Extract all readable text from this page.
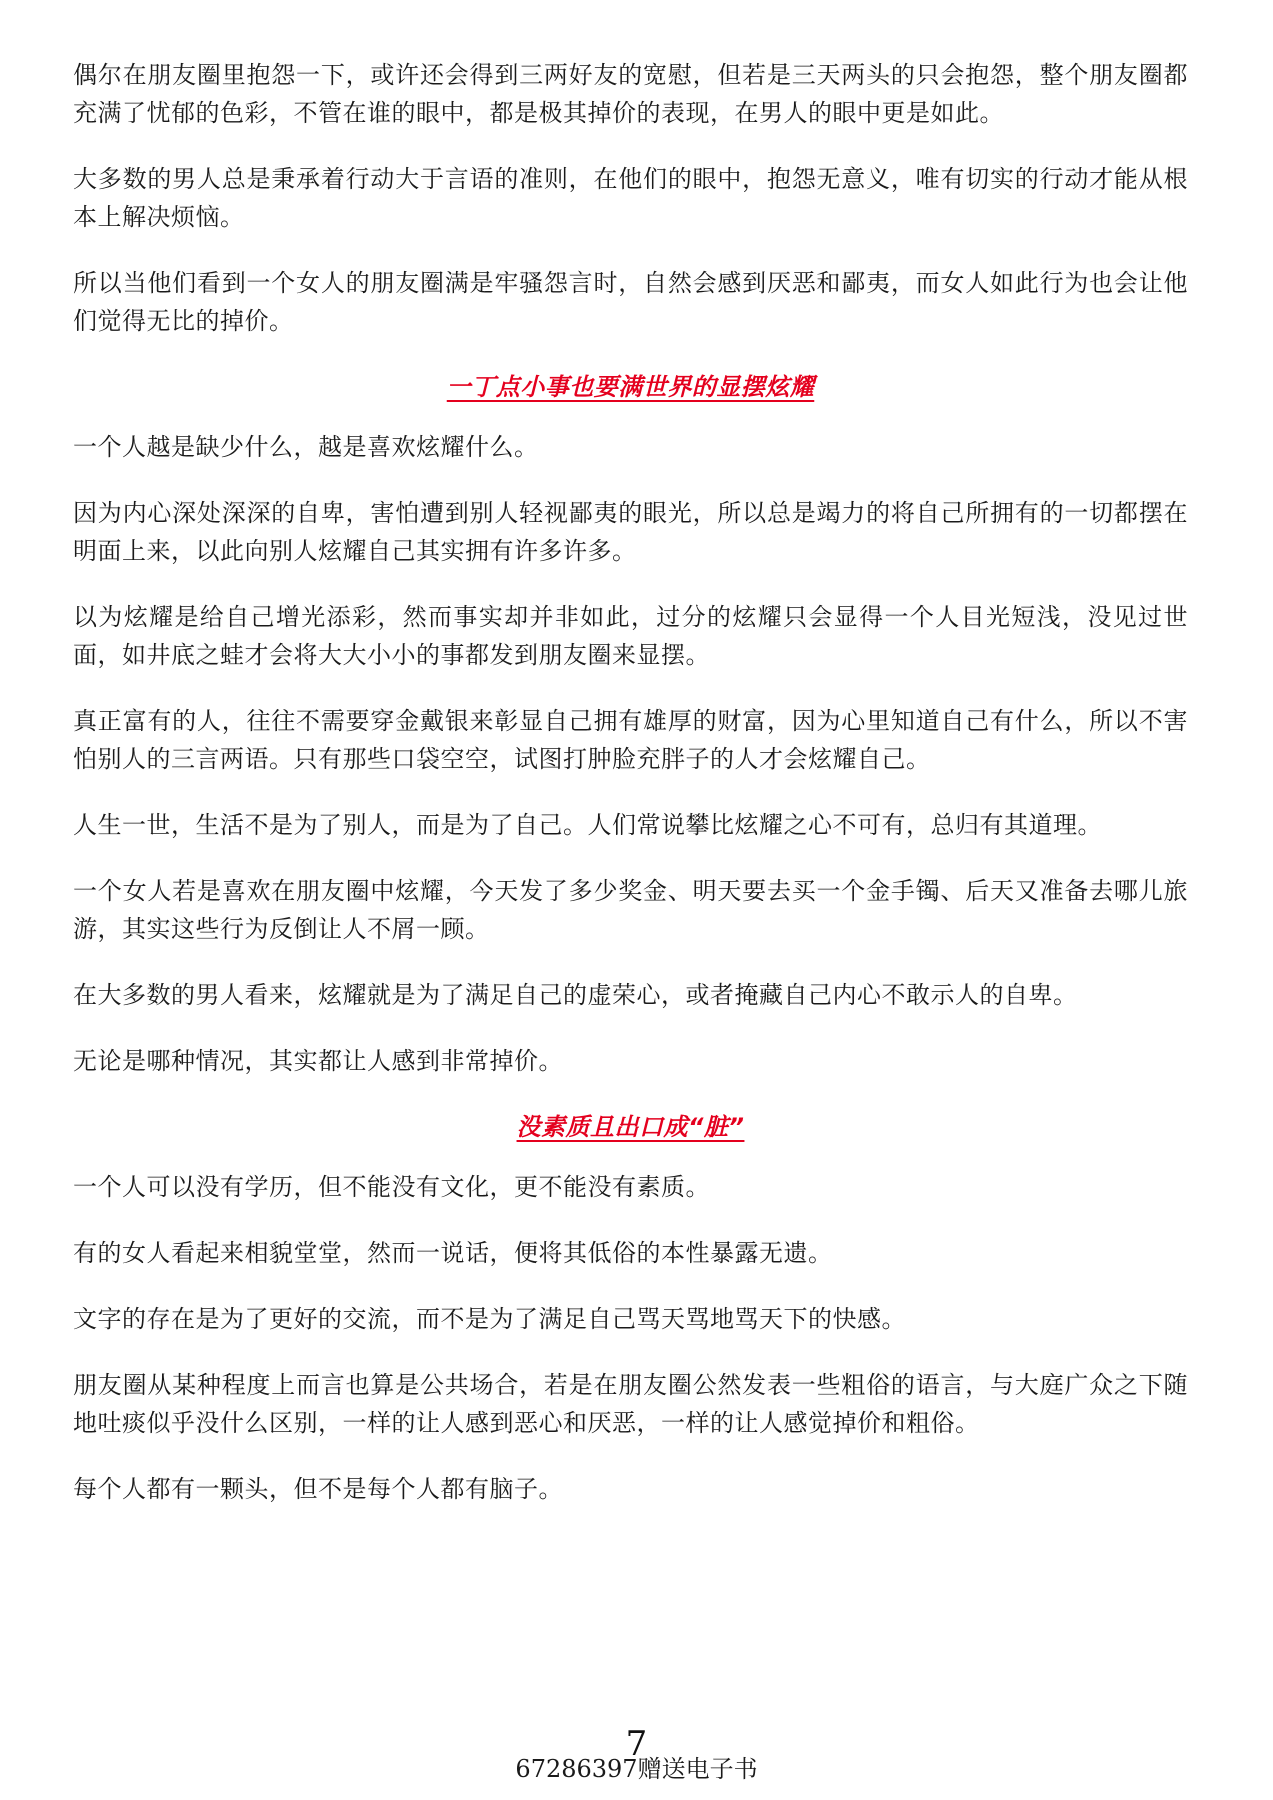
偶尔在朋友圈里抱怨一下，或许还会得到三两好友的宽慰，但若是三天两头的只会抱怨，整个朋友圈都充满了忧郁的色彩，不管在谁的眼中，都是极其掉价的表现，在男人的眼中更是如此。

大多数的男人总是秉承着行动大于言语的准则，在他们的眼中，抱怨无意义，唯有切实的行动才能从根本上解决烦恼。

所以当他们看到一个女人的朋友圈满是牢骚怨言时，自然会感到厌恶和鄙夷，而女人如此行为也会让他们觉得无比的掉价。

一丁点小事也要满世界的显摆炫耀

一个人越是缺少什么，越是喜欢炫耀什么。

因为内心深处深深的自卑，害怕遭到别人轻视鄙夷的眼光，所以总是竭力的将自己所拥有的一切都摆在明面上来，以此向别人炫耀自己其实拥有许多许多。

以为炫耀是给自己增光添彩，然而事实却并非如此，过分的炫耀只会显得一个人目光短浅，没见过世面，如井底之蛙才会将大大小小的事都发到朋友圈来显摆。

真正富有的人，往往不需要穿金戴银来彰显自己拥有雄厚的财富，因为心里知道自己有什么，所以不害怕别人的三言两语。只有那些口袋空空，试图打肿脸充胖子的人才会炫耀自己。

人生一世，生活不是为了别人，而是为了自己。人们常说攀比炫耀之心不可有，总归有其道理。

一个女人若是喜欢在朋友圈中炫耀，今天发了多少奖金、明天要去买一个金手镯、后天又准备去哪儿旅游，其实这些行为反倒让人不屑一顾。

在大多数的男人看来，炫耀就是为了满足自己的虚荣心，或者掩藏自己内心不敢示人的自卑。

无论是哪种情况，其实都让人感到非常掉价。

没素质且出口成“脏”

一个人可以没有学历，但不能没有文化，更不能没有素质。

有的女人看起来相貌堂堂，然而一说话，便将其低俗的本性暴露无遗。

文字的存在是为了更好的交流，而不是为了满足自己骂天骂地骂天下的快感。

朋友圈从某种程度上而言也算是公共场合，若是在朋友圈公然发表一些粗俗的语言，与大庭广众之下随地吐痰似乎没什么区别，一样的让人感到恶心和厌恶，一样的让人感觉掉价和粗俗。

每个人都有一颗头，但不是每个人都有脑子。

7
67286397赠送电子书
